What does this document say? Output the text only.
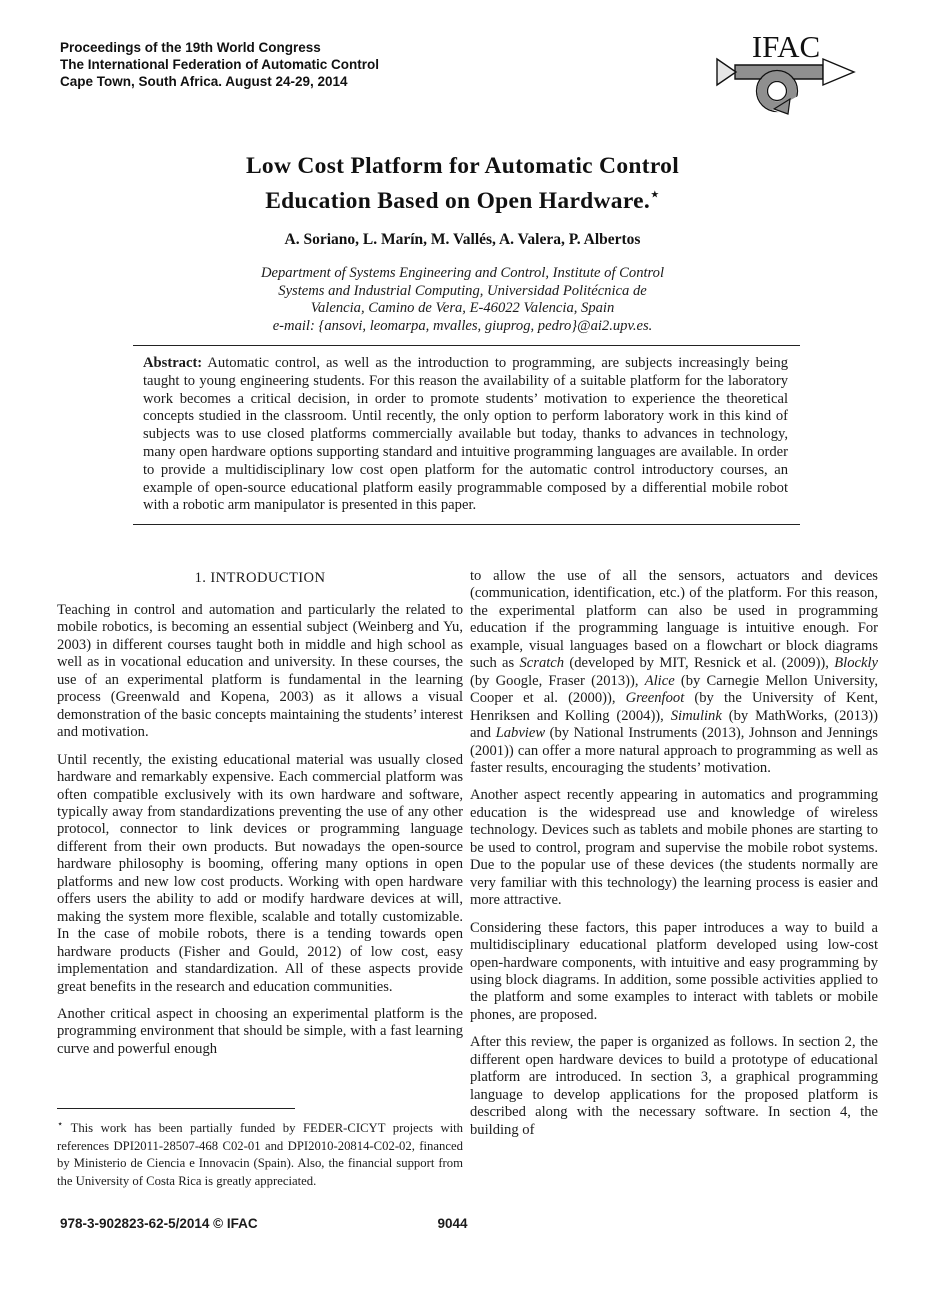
Proceedings of the 19th World Congress
The International Federation of Automatic Control
Cape Town, South Africa. August 24-29, 2014
IFAC
Low Cost Platform for Automatic Control
Education Based on Open Hardware.⋆
A. Soriano, L. Marín, M. Vallés, A. Valera, P. Albertos
Department of Systems Engineering and Control, Institute of Control
Systems and Industrial Computing, Universidad Politécnica de
Valencia, Camino de Vera, E-46022 Valencia, Spain
e-mail: {ansovi, leomarpa, mvalles, giuprog, pedro}@ai2.upv.es.

Abstract: Automatic control, as well as the introduction to programming, are subjects increasingly being taught to young engineering students. For this reason the availability of a suitable platform for the laboratory work becomes a critical decision, in order to promote students’ motivation to experience the theoretical concepts studied in the classroom. Until recently, the only option to perform laboratory work in this kind of subjects was to use closed platforms commercially available but today, thanks to advances in technology, many open hardware options supporting standard and intuitive programming languages are available. In order to provide a multidisciplinary low cost open platform for the automatic control introductory courses, an example of open-source educational platform easily programmable composed by a differential mobile robot with a robotic arm manipulator is presented in this paper.

1. INTRODUCTION

Teaching in control and automation and particularly the related to mobile robotics, is becoming an essential subject (Weinberg and Yu, 2003) in different courses taught both in middle and high school as well as in vocational education and university. In these courses, the use of an experimental platform is fundamental in the learning process (Greenwald and Kopena, 2003) as it allows a visual demonstration of the basic concepts maintaining the students’ interest and motivation.

Until recently, the existing educational material was usually closed hardware and remarkably expensive. Each commercial platform was often compatible exclusively with its own hardware and software, typically away from standardizations preventing the use of any other protocol, connector to link devices or programming language different from their own products. But nowadays the open-source hardware philosophy is booming, offering many options in open platforms and new low cost products. Working with open hardware offers users the ability to add or modify hardware devices at will, making the system more flexible, scalable and totally customizable. In the case of mobile robots, there is a tending towards open hardware products (Fisher and Gould, 2012) of low cost, easy implementation and standardization. All of these aspects provide great benefits in the research and education communities.

Another critical aspect in choosing an experimental platform is the programming environment that should be simple, with a fast learning curve and powerful enough

to allow the use of all the sensors, actuators and devices (communication, identification, etc.) of the platform. For this reason, the experimental platform can also be used in programming education if the programming language is intuitive enough. For example, visual languages based on a flowchart or block diagrams such as Scratch (developed by MIT, Resnick et al. (2009)), Blockly (by Google, Fraser (2013)), Alice (by Carnegie Mellon University, Cooper et al. (2000)), Greenfoot (by the University of Kent, Henriksen and Kolling (2004)), Simulink (by MathWorks, (2013)) and Labview (by National Instruments (2013), Johnson and Jennings (2001)) can offer a more natural approach to programming as well as faster results, encouraging the students’ motivation.

Another aspect recently appearing in automatics and programming education is the widespread use and knowledge of wireless technology. Devices such as tablets and mobile phones are starting to be used to control, program and supervise the mobile robot systems. Due to the popular use of these devices (the students normally are very familiar with this technology) the learning process is easier and more attractive.

Considering these factors, this paper introduces a way to build a multidisciplinary educational platform developed using low-cost open-hardware components, with intuitive and easy programming by using block diagrams. In addition, some possible activities applied to the platform and some examples to interact with tablets or mobile phones, are proposed.

After this review, the paper is organized as follows. In section 2, the different open hardware devices to build a prototype of educational platform are introduced. In section 3, a graphical programming language to develop applications for the proposed platform is described along with the necessary software. In section 4, the building of

⋆ This work has been partially funded by FEDER-CICYT projects with references DPI2011-28507-468 C02-01 and DPI2010-20814-C02-02, financed by Ministerio de Ciencia e Innovacin (Spain). Also, the financial support from the University of Costa Rica is greatly appreciated.

978-3-902823-62-5/2014 © IFAC	9044
